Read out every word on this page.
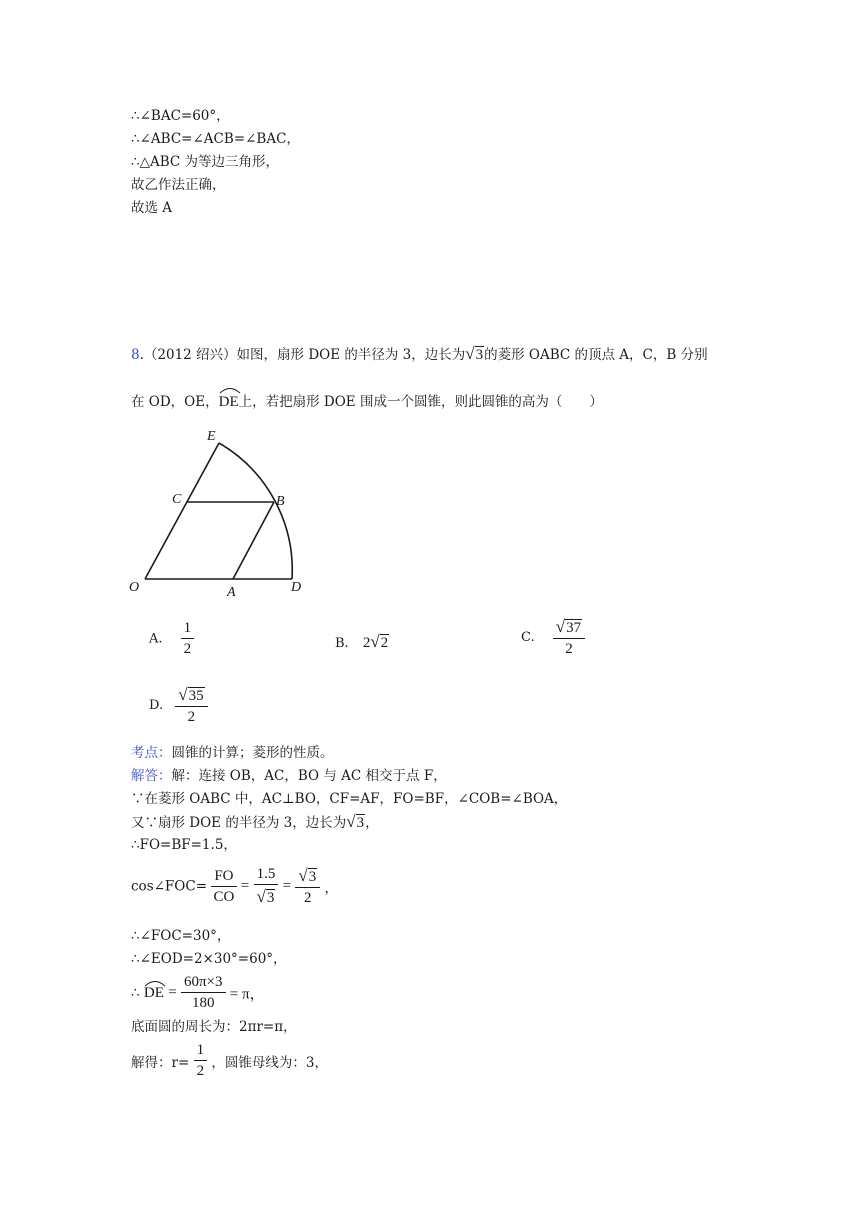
∴∠BAC=60°，
∴∠ABC=∠ACB=∠BAC，
∴△ABC 为等边三角形，
故乙作法正确，
故选 A
8.（2012 绍兴）如图，扇形 DOE 的半径为 3，边长为√3的菱形 OABC 的顶点 A，C，B 分别
在 OD，OE，
DE上，若把扇形 DOE 围成一个圆锥，则此圆锥的高为（　　）
E
C	B
O	A	D
A. $\frac{1}{2}$	B. 2√2	C. $\frac{√37}{2}$
D. $\frac{√35}{2}$
考点：圆锥的计算；菱形的性质。
解答：解：连接 OB，AC，BO 与 AC 相交于点 F，
∵在菱形 OABC 中，AC⊥BO，CF=AF，FO=BF，∠COB=∠BOA，
又∵扇形 DOE 的半径为 3，边长为√3，
∴FO=BF=1.5，
cos∠FOC= $\frac{FO}{CO} = \frac{1.5}{√3} = \frac{√3}{2}$ ，
∴∠FOC=30°，
∴∠EOD=2×30°=60°，
∴ DE = $\frac{60\pi\times 3}{180} = \pi$，
底面圆的周长为：2πr=π，
解得：$r= \frac{1}{2}$ ，圆锥母线为：3，
